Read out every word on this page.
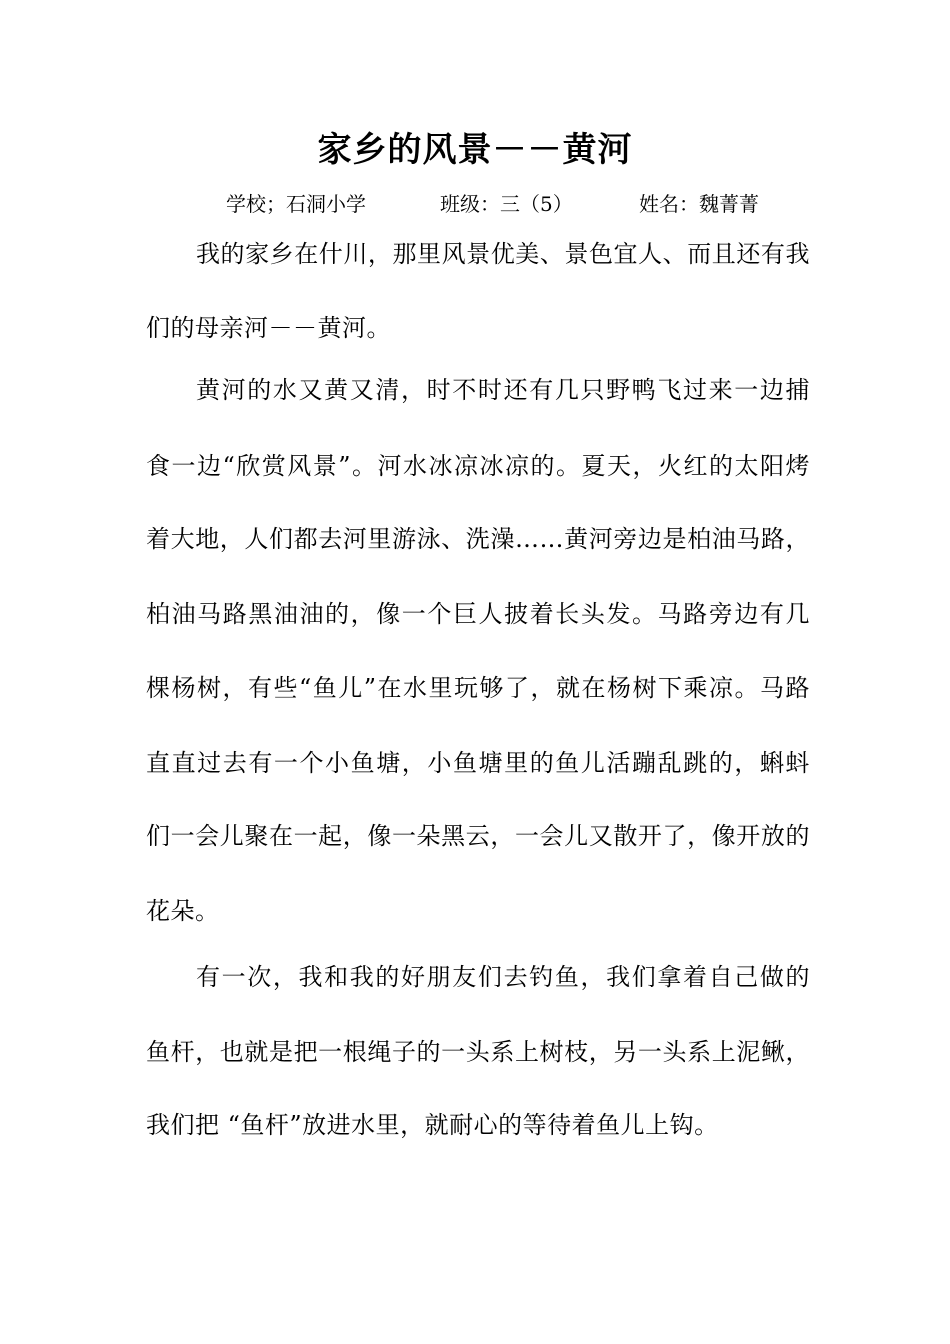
家乡的风景－－黄河
学校；石洞小学	班级：三（5）	姓名：魏菁菁
我的家乡在什川，那里风景优美、景色宜人、而且还有我
们的母亲河－－黄河。
黄河的水又黄又清，时不时还有几只野鸭飞过来一边捕
食一边“欣赏风景”。河水冰凉冰凉的。夏天，火红的太阳烤
着大地，人们都去河里游泳、洗澡……黄河旁边是柏油马路，
柏油马路黑油油的，像一个巨人披着长头发。马路旁边有几
棵杨树，有些“鱼儿”在水里玩够了，就在杨树下乘凉。马路
直直过去有一个小鱼塘，小鱼塘里的鱼儿活蹦乱跳的，蝌蚪
们一会儿聚在一起，像一朵黑云，一会儿又散开了，像开放的
花朵。
有一次，我和我的好朋友们去钓鱼，我们拿着自己做的
鱼杆，也就是把一根绳子的一头系上树枝，另一头系上泥鳅，
我们把 “鱼杆”放进水里，就耐心的等待着鱼儿上钩。
